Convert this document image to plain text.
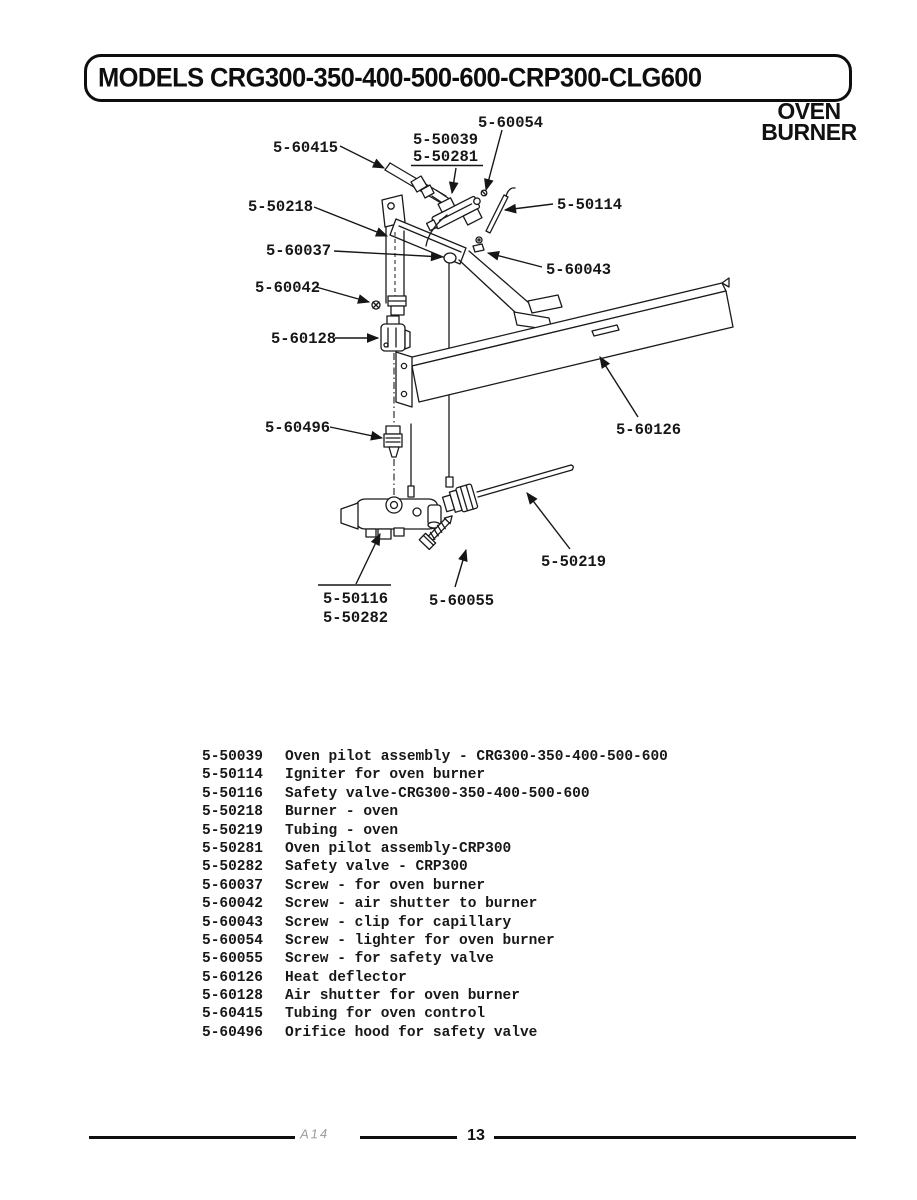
MODELS CRG300-350-400-500-600-CRP300-CLG600
OVEN
BURNER
5-60415	5-50039
5-50281
5-60054
5-50114
5-50218
5-60037
5-60042
5-60128
5-60496	5-60126
5-50219
5-50116
5-50282
5-60055
5-60043
5-50039	Oven pilot assembly - CRG300-350-400-500-600
5-50114	Igniter for oven burner
5-50116	Safety valve-CRG300-350-400-500-600
5-50218	Burner - oven
5-50219	Tubing - oven
5-50281	Oven pilot assembly-CRP300
5-50282	Safety valve - CRP300
5-60037	Screw - for oven burner
5-60042	Screw - air shutter to burner
5-60043	Screw - clip for capillary
5-60054	Screw - lighter for oven burner
5-60055	Screw - for safety valve
5-60126	Heat deflector
5-60128	Air shutter for oven burner
5-60415	Tubing for oven control
5-60496	Orifice hood for safety valve
A14	13
